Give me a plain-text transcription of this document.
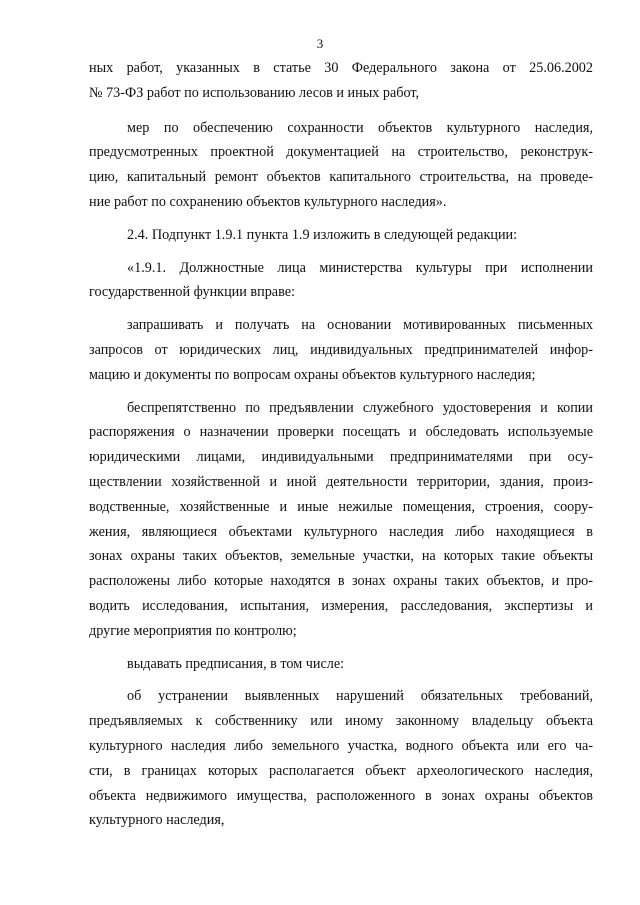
3
ных работ, указанных в статье 30 Федерального закона от 25.06.2002
№ 73-ФЗ работ по использованию лесов и иных работ,
мер по обеспечению сохранности объектов культурного наследия,
предусмотренных проектной документацией на строительство, реконструк-
цию, капитальный ремонт объектов капитального строительства, на проведе-
ние работ по сохранению объектов культурного наследия».
2.4. Подпункт 1.9.1 пункта 1.9 изложить в следующей редакции:
«1.9.1. Должностные лица министерства культуры при исполнении
государственной функции вправе:
запрашивать и получать на основании мотивированных письменных
запросов от юридических лиц, индивидуальных предпринимателей инфор-
мацию и документы по вопросам охраны объектов культурного наследия;
беспрепятственно по предъявлении служебного удостоверения и копии
распоряжения о назначении проверки посещать и обследовать используемые
юридическими лицами, индивидуальными предпринимателями при осу-
ществлении хозяйственной и иной деятельности территории, здания, произ-
водственные, хозяйственные и иные нежилые помещения, строения, соору-
жения, являющиеся объектами культурного наследия либо находящиеся в
зонах охраны таких объектов, земельные участки, на которых такие объекты
расположены либо которые находятся в зонах охраны таких объектов, и про-
водить исследования, испытания, измерения, расследования, экспертизы и
другие мероприятия по контролю;
выдавать предписания, в том числе:
об устранении выявленных нарушений обязательных требований,
предъявляемых к собственнику или иному законному владельцу объекта
культурного наследия либо земельного участка, водного объекта или его ча-
сти, в границах которых располагается объект археологического наследия,
объекта недвижимого имущества, расположенного в зонах охраны объектов
культурного наследия,
